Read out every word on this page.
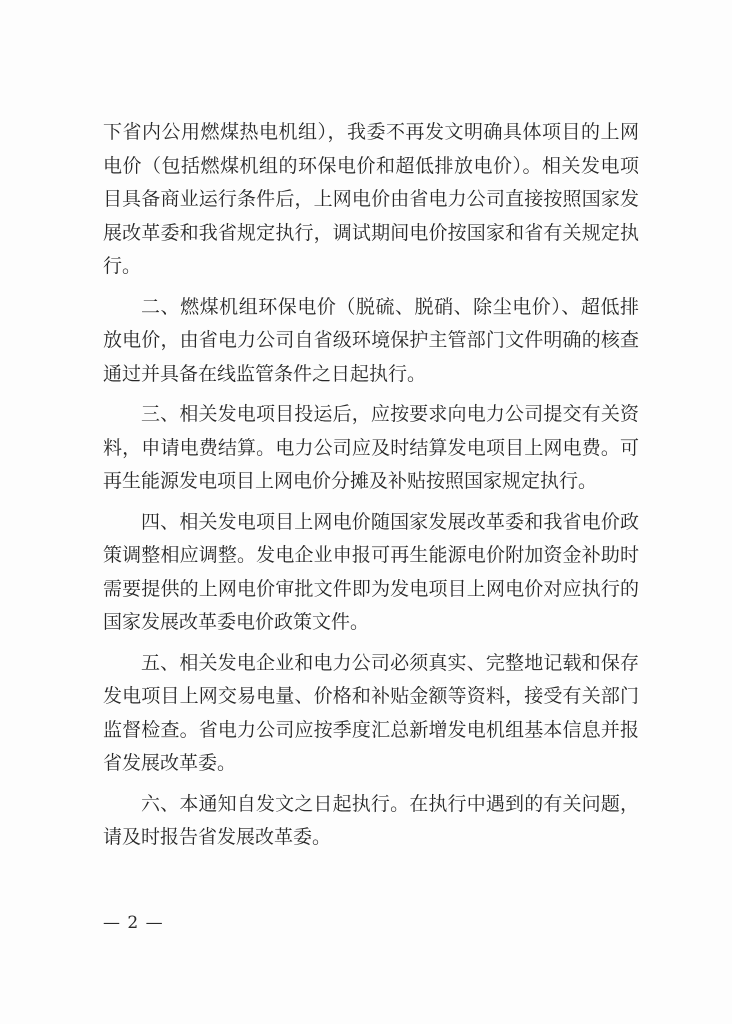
下省内公用燃煤热电机组），我委不再发文明确具体项目的上网电价（包括燃煤机组的环保电价和超低排放电价）。相关发电项目具备商业运行条件后，上网电价由省电力公司直接按照国家发展改革委和我省规定执行，调试期间电价按国家和省有关规定执行。

二、燃煤机组环保电价（脱硫、脱硝、除尘电价）、超低排放电价，由省电力公司自省级环境保护主管部门文件明确的核查通过并具备在线监管条件之日起执行。

三、相关发电项目投运后，应按要求向电力公司提交有关资料，申请电费结算。电力公司应及时结算发电项目上网电费。可再生能源发电项目上网电价分摊及补贴按照国家规定执行。

四、相关发电项目上网电价随国家发展改革委和我省电价政策调整相应调整。发电企业申报可再生能源电价附加资金补助时需要提供的上网电价审批文件即为发电项目上网电价对应执行的国家发展改革委电价政策文件。

五、相关发电企业和电力公司必须真实、完整地记载和保存发电项目上网交易电量、价格和补贴金额等资料，接受有关部门监督检查。省电力公司应按季度汇总新增发电机组基本信息并报省发展改革委。

六、本通知自发文之日起执行。在执行中遇到的有关问题，请及时报告省发展改革委。

— 2 —
